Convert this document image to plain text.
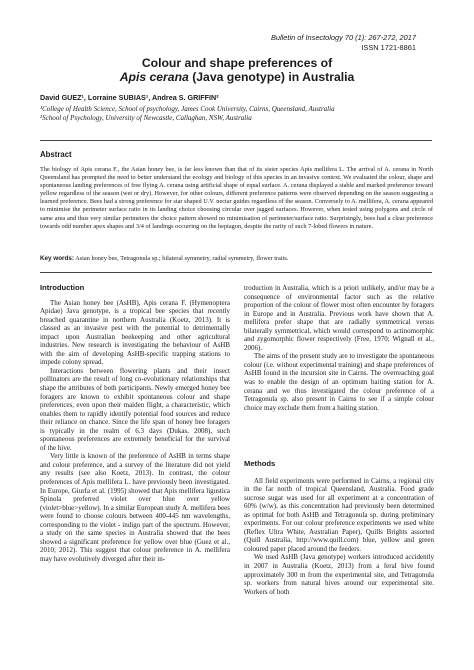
Bulletin of Insectology 70 (1): 267-272, 2017
ISSN 1721-8861
Colour and shape preferences of
Apis cerana (Java genotype) in Australia
David GUEZ¹, Lorraine SUBIAS¹, Andrea S. GRIFFIN²
¹College of Health Science, School of psychology, James Cook University, Cairns, Queensland, Australia
²School of Psychology, University of Newcastle, Callaghan, NSW, Australia
Abstract
The biology of Apis cerana F., the Asian honey bee, is far less known than that of its sister species Apis mellifera L. The arrival of A. cerana in North Queensland has prompted the need to better understand the ecology and biology of this species in an invasive context. We evaluated the colour, shape and spontaneous landing preferences of free flying A. cerana using artificial shape of equal surface. A. cerana displayed a stable and marked preference toward yellow regardless of the season (wet or dry). However, for other colours, different preference patterns were observed depending on the season suggesting a learned preference. Bees had a strong preference for star shaped U.V. nectar guides regardless of the season. Conversely to A. mellifera, A. cerana appeared to minimise the perimeter surface ratio in its landing choice choosing circular over jagged surfaces. However, when tested using polygons and circle of same area and thus very similar perimeters the choice pattern showed no minimisation of perimeter/surface ratio. Surprisingly, bees had a clear preference towards odd number apex shapes and 3/4 of landings occurring on the heptagon, despite the rarity of such 7-lobed flowers in nature.
Key words: Asian honey bee, Tetragonula sp.; bilateral symmetry, radial symmetry, flower traits.

Introduction

The Asian honey bee (AsHB), Apis cerana F. (Hymenoptera Apidae) Java genotype, is a tropical bee species that recently breached quarantine in northern Australia (Koetz, 2013). It is classed as an invasive pest with the potential to detrimentally impact upon Australian beekeeping and other agricultural industries. New research is investigating the behaviour of AsHB with the aim of developing AsHB-specific trapping stations to impede colony spread.

Interactions between flowering plants and their insect pollinators are the result of long co-evolutionary relationships that shape the attributes of both participants. Newly emerged honey bee foragers are known to exhibit spontaneous colour and shape preferences, even upon their maiden flight, a characteristic, which enables them to rapidly identify potential food sources and reduce their reliance on chance. Since the life span of honey bee foragers is typically in the realm of 6.3 days (Dukas, 2008), such spontaneous preferences are extremely beneficial for the survival of the hive.

Very little is known of the preference of AsHB in terms shape and colour preference, and a survey of the literature did not yield any results (see also Koetz, 2013). In contrast, the colour preferences of Apis mellifera L. have previously been investigated. In Europe, Giurfa et al. (1995) showed that Apis mellifera ligustica Spinola preferred violet over blue over yellow (violet>blue>yellow). In a similar European study A. mellifera bees were found to choose colours between 400-445 nm wavelengths, corresponding to the violet - indigo part of the spectrum. However, a study on the same species in Australia showed that the bees showed a significant preference for yellow over blue (Guez et al., 2010; 2012). This suggest that colour preference in A. mellifera may have evolutively diverged after their in-

troduction in Australia, which is a priori unlikely, and/or may be a consequence of environmental factor such as the relative proportion of the colour of flower most often encounter by foragers in Europe and in Australia. Previous work have shown that A. mellifera prefer shape that are radially symmetrical versus bilaterally symmetrical, which would correspond to actinomorphic and zygomorphic flower respectively (Free, 1970; Wignall et al., 2006).

The aims of the present study are to investigate the spontaneous colour (i.e. without experimental training) and shape preferences of AsHB found in the incursion site in Cairns. The overreaching goal was to enable the design of an optimum baiting station for A. cerana and we thus investigated the colour preference of a Tetragonula sp. also present in Cairns to see if a simple colour choice may exclude them from a baiting station.

Methods

All field experiments were performed in Cairns, a regional city in the far north of tropical Queensland, Australia. Food grade sucrose sugar was used for all experiment at a concentration of 60% (w/w), as this concentration had previously been determined as optimal for both AsHB and Tetragonula sp. during preliminary experiments. For our colour preference experiments we used white (Reflex Ultra White, Australian Paper), Quills Brights assorted (Quill Australia, http://www.quill.com) blue, yellow and green coloured paper placed around the feeders.

We used AsHB (Java genotype) workers introduced accidently in 2007 in Australia (Koetz, 2013) from a feral hive found approximately 300 m from the experimental site, and Tetragonula sp. workers from natural hives around our experimental site. Workers of both
